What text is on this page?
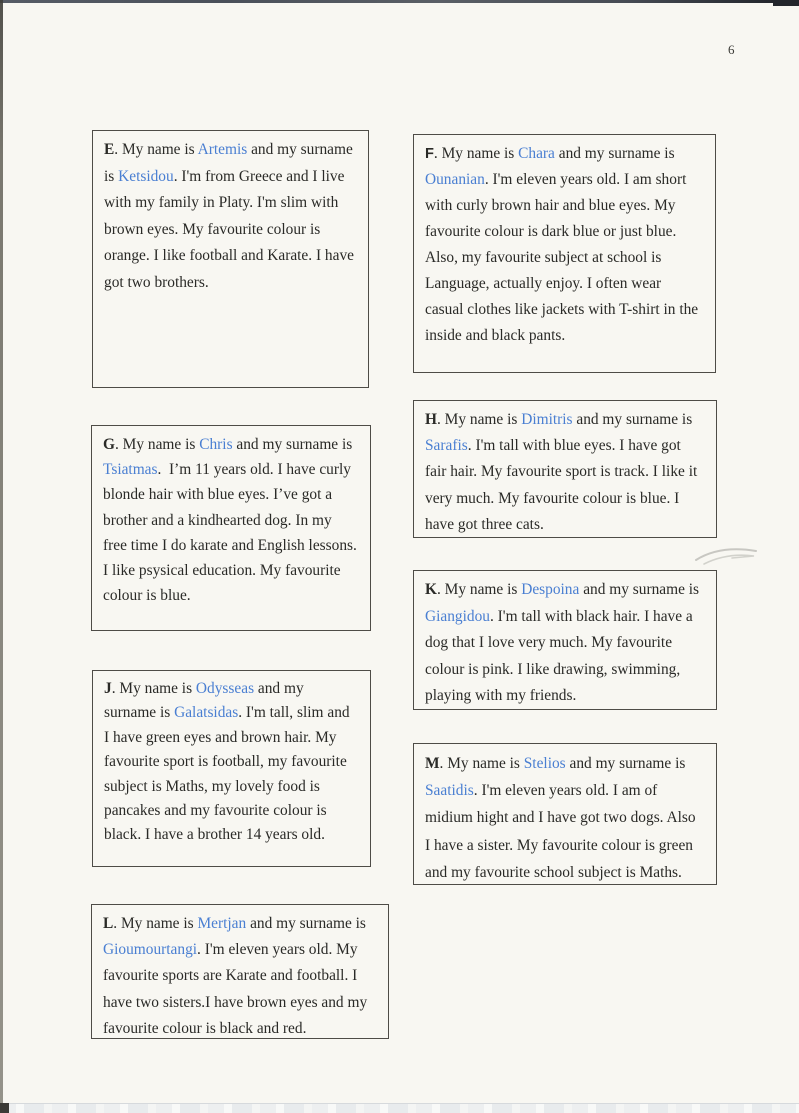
6

E. My name is Artemis and my surname is Ketsidou. I'm from Greece and I live with my family in Platy. I'm slim with brown eyes. My favourite colour is orange. I like football and Karate. I have got two brothers.

F. My name is Chara and my surname is Ounanian. I'm eleven years old. I am short with curly brown hair and blue eyes. My favourite colour is dark blue or just blue. Also, my favourite subject at school is Language, actually enjoy. I often wear casual clothes like jackets with T-shirt in the inside and black pants.

G. My name is Chris and my surname is Tsiatmas.  I’m 11 years old. I have curly blonde hair with blue eyes. I’ve got a brother and a kindhearted dog. In my free time I do karate and English lessons. I like psysical education. My favourite colour is blue.

H. My name is Dimitris and my surname is Sarafis. I'm tall with blue eyes. I have got fair hair. My favourite sport is track. I like it very much. My favourite colour is blue. I have got three cats.

J. My name is Odysseas and my surname is Galatsidas. I'm tall, slim and I have green eyes and brown hair. My favourite sport is football, my favourite subject is Maths, my lovely food is pancakes and my favourite colour is black. I have a brother 14 years old.

K. My name is Despoina and my surname is Giangidou. I'm tall with black hair. I have a dog that I love very much. My favourite colour is pink. I like drawing, swimming, playing with my friends.

L. My name is Mertjan and my surname is Gioumourtangi. I'm eleven years old. My favourite sports are Karate and football. I have two sisters.I have brown eyes and my favourite colour is black and red.

M. My name is Stelios and my surname is Saatidis. I'm eleven years old. I am of midium hight and I have got two dogs. Also I have a sister. My favourite colour is green and my favourite school subject is Maths.
